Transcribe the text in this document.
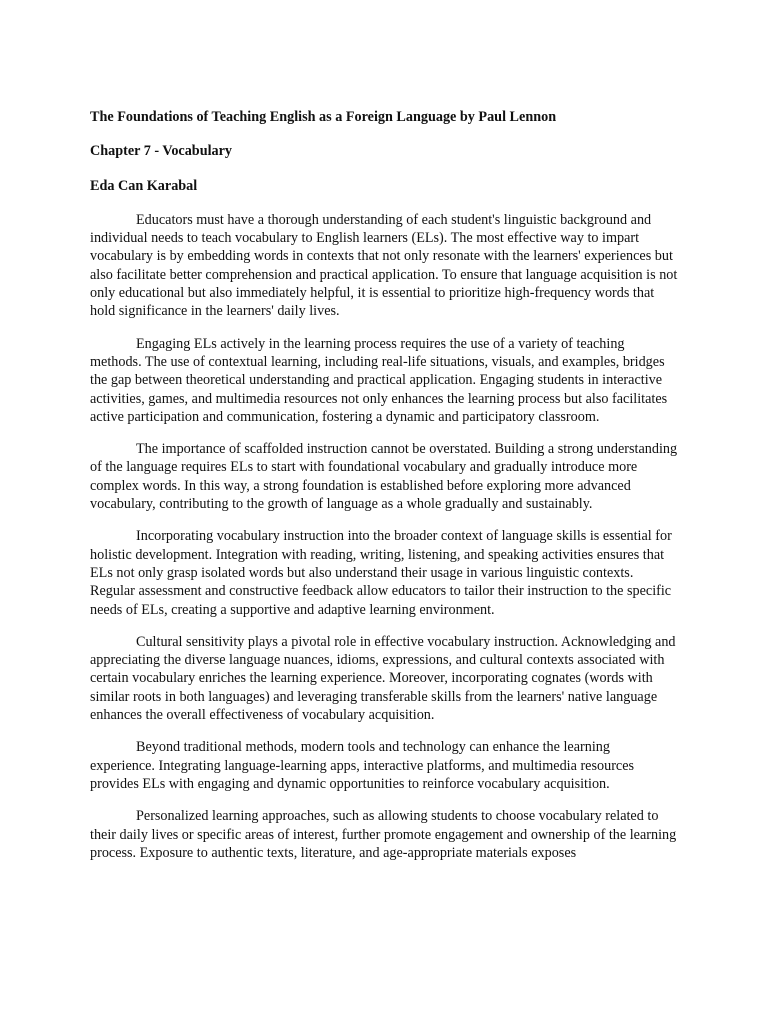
The Foundations of Teaching English as a Foreign Language by Paul Lennon

Chapter 7 - Vocabulary

Eda Can Karabal

Educators must have a thorough understanding of each student's linguistic background and individual needs to teach vocabulary to English learners (ELs). The most effective way to impart vocabulary is by embedding words in contexts that not only resonate with the learners' experiences but also facilitate better comprehension and practical application. To ensure that language acquisition is not only educational but also immediately helpful, it is essential to prioritize high-frequency words that hold significance in the learners' daily lives.

Engaging ELs actively in the learning process requires the use of a variety of teaching methods. The use of contextual learning, including real-life situations, visuals, and examples, bridges the gap between theoretical understanding and practical application. Engaging students in interactive activities, games, and multimedia resources not only enhances the learning process but also facilitates active participation and communication, fostering a dynamic and participatory classroom.

The importance of scaffolded instruction cannot be overstated. Building a strong understanding of the language requires ELs to start with foundational vocabulary and gradually introduce more complex words. In this way, a strong foundation is established before exploring more advanced vocabulary, contributing to the growth of language as a whole gradually and sustainably.

Incorporating vocabulary instruction into the broader context of language skills is essential for holistic development. Integration with reading, writing, listening, and speaking activities ensures that ELs not only grasp isolated words but also understand their usage in various linguistic contexts. Regular assessment and constructive feedback allow educators to tailor their instruction to the specific needs of ELs, creating a supportive and adaptive learning environment.

Cultural sensitivity plays a pivotal role in effective vocabulary instruction. Acknowledging and appreciating the diverse language nuances, idioms, expressions, and cultural contexts associated with certain vocabulary enriches the learning experience. Moreover, incorporating cognates (words with similar roots in both languages) and leveraging transferable skills from the learners' native language enhances the overall effectiveness of vocabulary acquisition.

Beyond traditional methods, modern tools and technology can enhance the learning experience. Integrating language-learning apps, interactive platforms, and multimedia resources provides ELs with engaging and dynamic opportunities to reinforce vocabulary acquisition.

Personalized learning approaches, such as allowing students to choose vocabulary related to their daily lives or specific areas of interest, further promote engagement and ownership of the learning process. Exposure to authentic texts, literature, and age-appropriate materials exposes
